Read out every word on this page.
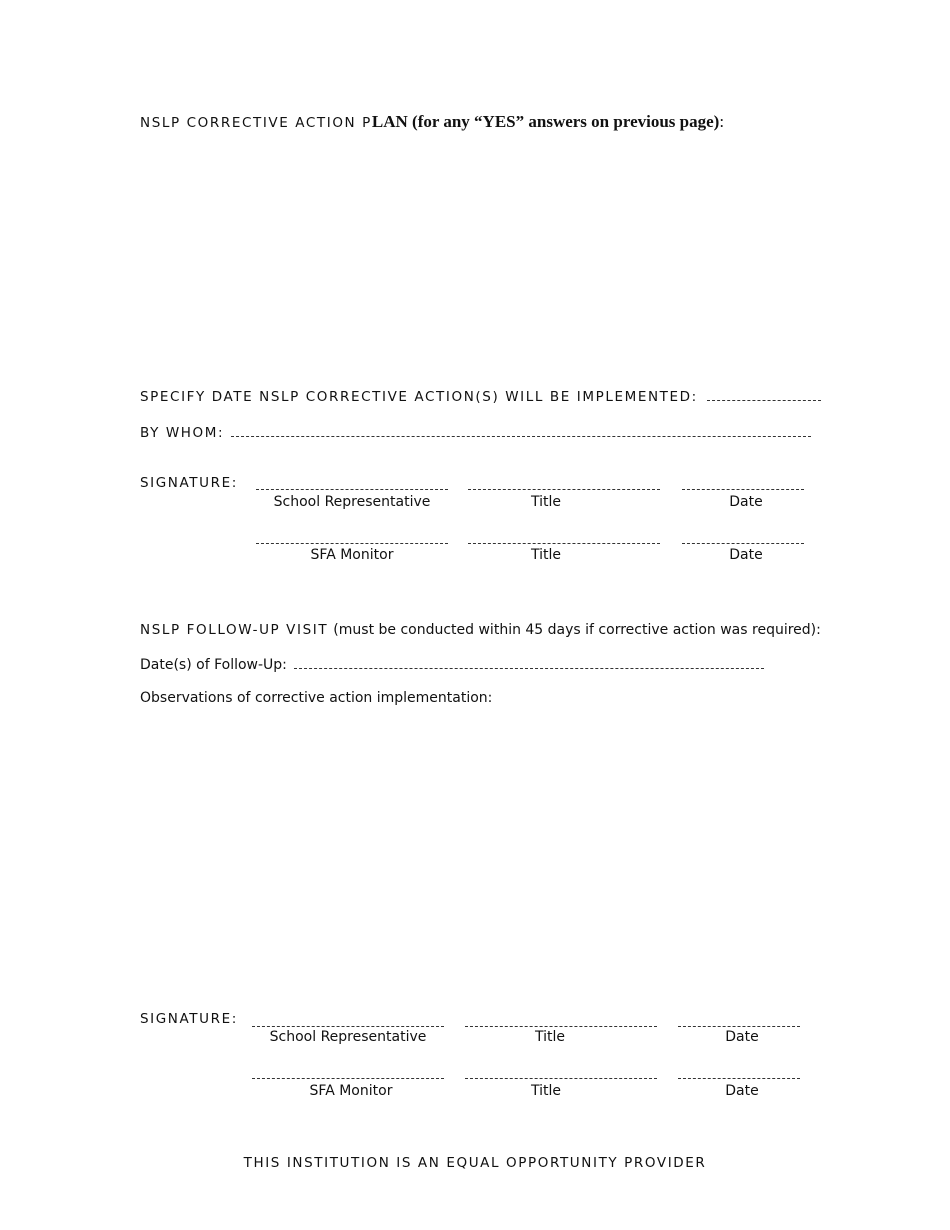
NSLP CORRECTIVE ACTION PLAN (for any “YES” answers on previous page):
SPECIFY DATE NSLP CORRECTIVE ACTION(S) WILL BE IMPLEMENTED:
BY WHOM:
SIGNATURE:
School Representative	Title	Date
SFA Monitor	Title	Date
NSLP FOLLOW-UP VISIT (must be conducted within 45 days if corrective action was required):
Date(s) of Follow-Up:
Observations of corrective action implementation:
SIGNATURE:
School Representative	Title	Date
SFA Monitor	Title	Date
THIS INSTITUTION IS AN EQUAL OPPORTUNITY PROVIDER
